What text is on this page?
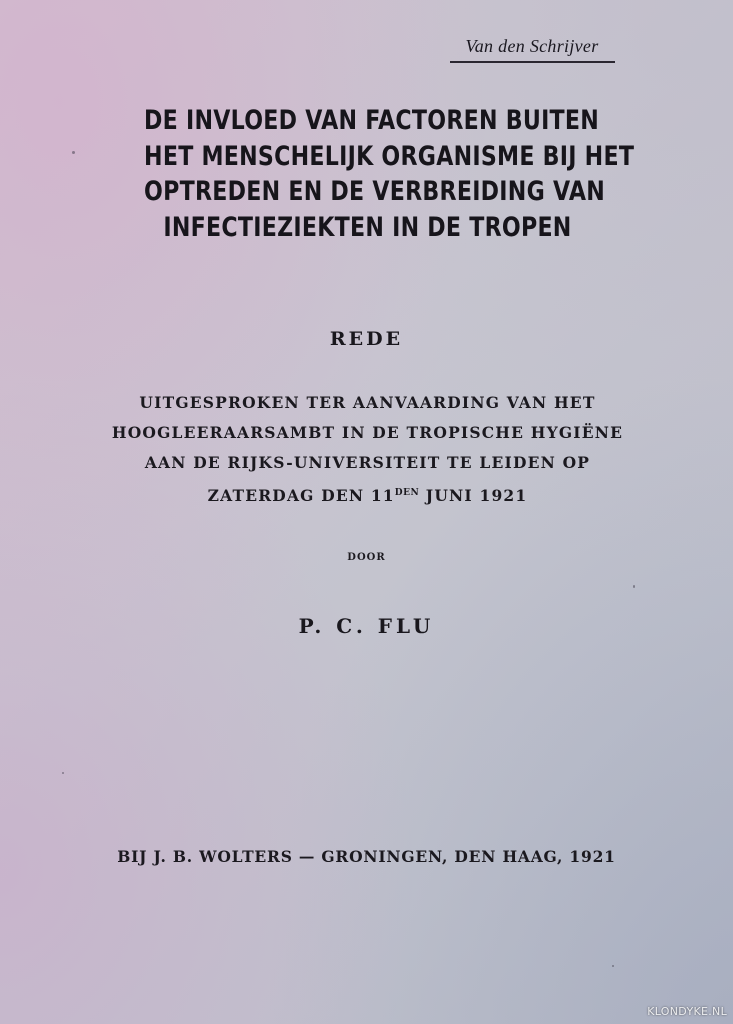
Van den Schrijver
DE INVLOED VAN FACTOREN BUITEN
HET MENSCHELIJK ORGANISME BIJ HET
OPTREDEN EN DE VERBREIDING VAN
INFECTIEZIEKTEN IN DE TROPEN
REDE
UITGESPROKEN TER AANVAARDING VAN HET
HOOGLEERAARSAMBT IN DE TROPISCHE HYGIËNE
AAN DE RIJKS-UNIVERSITEIT TE LEIDEN OP
ZATERDAG DEN $11^{DEN}$ JUNI 1921
DOOR
P. C. FLU
BIJ J. B. WOLTERS — GRONINGEN, DEN HAAG, 1921
KLONDYKE.NL
